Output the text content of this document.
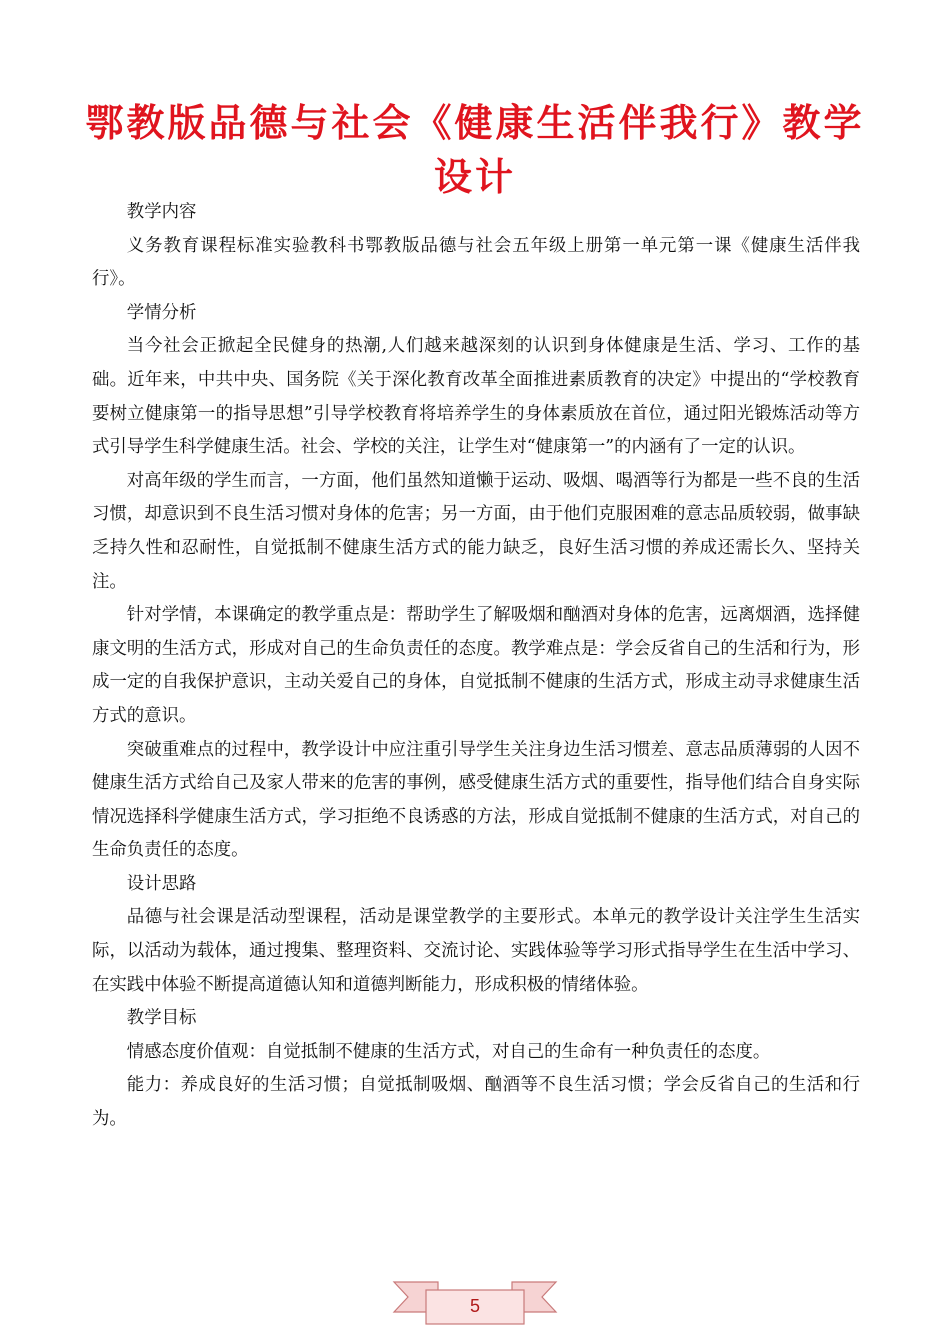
鄂教版品德与社会《健康生活伴我行》教学设计

教学内容

义务教育课程标准实验教科书鄂教版品德与社会五年级上册第一单元第一课《健康生活伴我行》。

学情分析

当今社会正掀起全民健身的热潮,人们越来越深刻的认识到身体健康是生活、学习、工作的基础。近年来，中共中央、国务院《关于深化教育改革全面推进素质教育的决定》中提出的“学校教育要树立健康第一的指导思想”引导学校教育将培养学生的身体素质放在首位，通过阳光锻炼活动等方式引导学生科学健康生活。社会、学校的关注，让学生对“健康第一”的内涵有了一定的认识。

对高年级的学生而言，一方面，他们虽然知道懒于运动、吸烟、喝酒等行为都是一些不良的生活习惯，却意识到不良生活习惯对身体的危害；另一方面，由于他们克服困难的意志品质较弱，做事缺乏持久性和忍耐性，自觉抵制不健康生活方式的能力缺乏，良好生活习惯的养成还需长久、坚持关注。

针对学情，本课确定的教学重点是：帮助学生了解吸烟和酗酒对身体的危害，远离烟酒，选择健康文明的生活方式，形成对自己的生命负责任的态度。教学难点是：学会反省自己的生活和行为，形成一定的自我保护意识，主动关爱自己的身体，自觉抵制不健康的生活方式，形成主动寻求健康生活方式的意识。

突破重难点的过程中，教学设计中应注重引导学生关注身边生活习惯差、意志品质薄弱的人因不健康生活方式给自己及家人带来的危害的事例，感受健康生活方式的重要性，指导他们结合自身实际情况选择科学健康生活方式，学习拒绝不良诱惑的方法，形成自觉抵制不健康的生活方式，对自己的生命负责任的态度。

设计思路

品德与社会课是活动型课程，活动是课堂教学的主要形式。本单元的教学设计关注学生生活实际，以活动为载体，通过搜集、整理资料、交流讨论、实践体验等学习形式指导学生在生活中学习、在实践中体验不断提高道德认知和道德判断能力，形成积极的情绪体验。

教学目标

情感态度价值观：自觉抵制不健康的生活方式，对自己的生命有一种负责任的态度。

能力：养成良好的生活习惯；自觉抵制吸烟、酗酒等不良生活习惯；学会反省自己的生活和行为。

5
